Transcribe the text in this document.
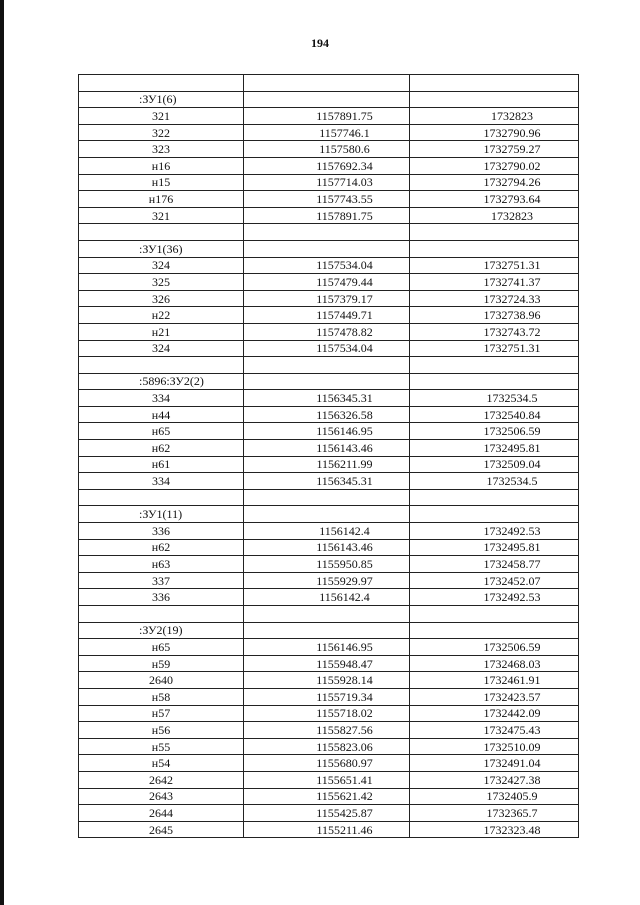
194

:ЗУ1(6)		
321	1157891.75	1732823
322	1157746.1	1732790.96
323	1157580.6	1732759.27
н16	1157692.34	1732790.02
н15	1157714.03	1732794.26
н176	1157743.55	1732793.64
321	1157891.75	1732823

:ЗУ1(36)		
324	1157534.04	1732751.31
325	1157479.44	1732741.37
326	1157379.17	1732724.33
н22	1157449.71	1732738.96
н21	1157478.82	1732743.72
324	1157534.04	1732751.31

:5896:ЗУ2(2)		
334	1156345.31	1732534.5
н44	1156326.58	1732540.84
н65	1156146.95	1732506.59
н62	1156143.46	1732495.81
н61	1156211.99	1732509.04
334	1156345.31	1732534.5

:ЗУ1(11)		
336	1156142.4	1732492.53
н62	1156143.46	1732495.81
н63	1155950.85	1732458.77
337	1155929.97	1732452.07
336	1156142.4	1732492.53

:ЗУ2(19)		
н65	1156146.95	1732506.59
н59	1155948.47	1732468.03
2640	1155928.14	1732461.91
н58	1155719.34	1732423.57
н57	1155718.02	1732442.09
н56	1155827.56	1732475.43
н55	1155823.06	1732510.09
н54	1155680.97	1732491.04
2642	1155651.41	1732427.38
2643	1155621.42	1732405.9
2644	1155425.87	1732365.7
2645	1155211.46	1732323.48
